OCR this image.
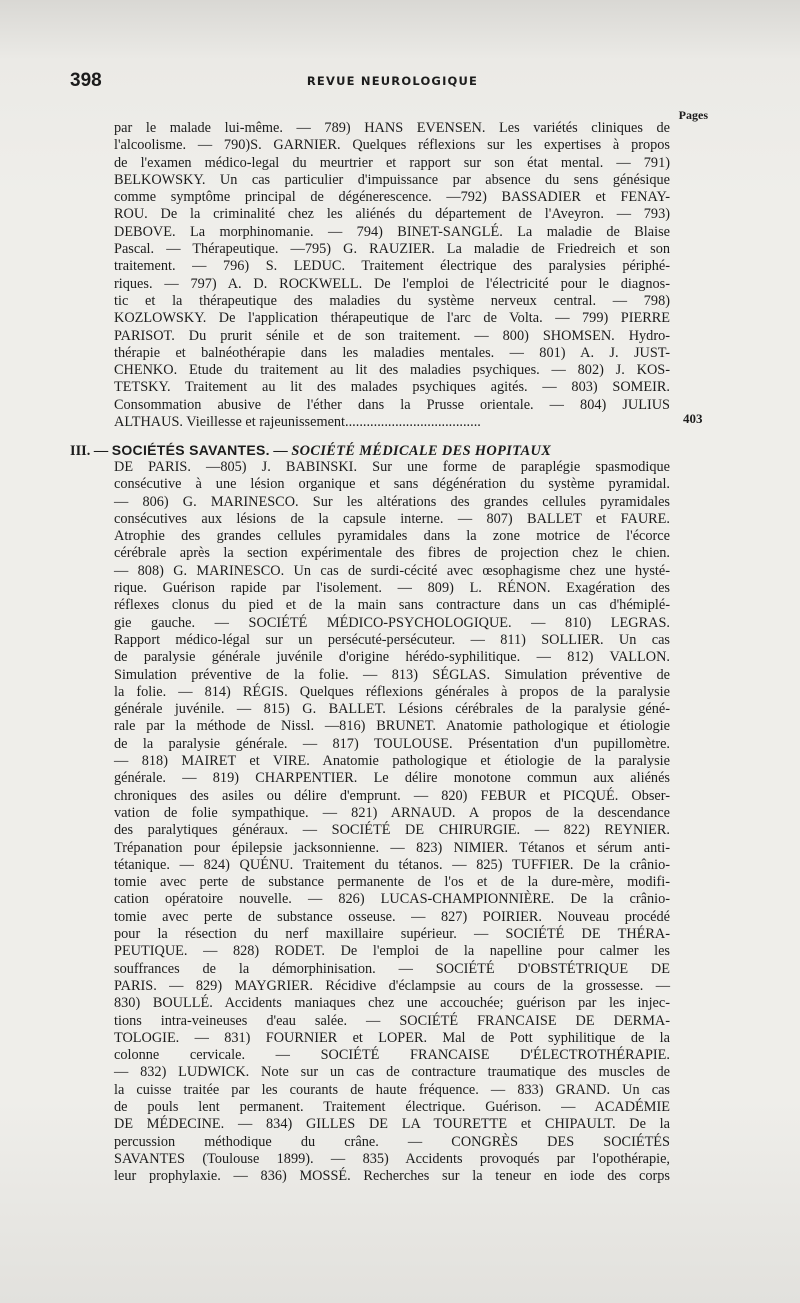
398	REVUE NEUROLOGIQUE
Pages
par le malade lui-même. — 789) HANS EVENSEN. Les variétés cliniques de
l'alcoolisme. — 790)S. GARNIER. Quelques réflexions sur les expertises à propos
de l'examen médico-legal du meurtrier et rapport sur son état mental. — 791)
BELKOWSKY. Un cas particulier d'impuissance par absence du sens génésique
comme symptôme principal de dégénerescence. —792) BASSADIER et FENAY-
ROU. De la criminalité chez les aliénés du département de l'Aveyron. — 793)
DEBOVE. La morphinomanie. — 794) BINET-SANGLÉ. La maladie de Blaise
Pascal. — Thérapeutique. —795) G. RAUZIER. La maladie de Friedreich et son
traitement. — 796) S. LEDUC. Traitement électrique des paralysies périphé-
riques. — 797) A. D. ROCKWELL. De l'emploi de l'électricité pour le diagnos-
tic et la thérapeutique des maladies du système nerveux central. — 798)
KOZLOWSKY. De l'application thérapeutique de l'arc de Volta. — 799) PIERRE
PARISOT. Du prurit sénile et de son traitement. — 800) SHOMSEN. Hydro-
thérapie et balnéothérapie dans les maladies mentales. — 801) A. J. JUST-
CHENKO. Etude du traitement au lit des maladies psychiques. — 802) J. KOS-
TETSKY. Traitement au lit des malades psychiques agités. — 803) SOMEIR.
Consommation abusive de l'éther dans la Prusse orientale. — 804) JULIUS
ALTHAUS. Vieillesse et rajeunissement......................................	403
III. — SOCIÉTÉS SAVANTES. — SOCIÉTÉ MÉDICALE DES HOPITAUX
DE PARIS. —805) J. BABINSKI. Sur une forme de paraplégie spasmodique
consécutive à une lésion organique et sans dégénération du système pyramidal.
— 806) G. MARINESCO. Sur les altérations des grandes cellules pyramidales
consécutives aux lésions de la capsule interne. — 807) BALLET et FAURE.
Atrophie des grandes cellules pyramidales dans la zone motrice de l'écorce
cérébrale après la section expérimentale des fibres de projection chez le chien.
— 808) G. MARINESCO. Un cas de surdi-cécité avec œsophagisme chez une hysté-
rique. Guérison rapide par l'isolement. — 809) L. RÉNON. Exagération des
réflexes clonus du pied et de la main sans contracture dans un cas d'hémiplé-
gie gauche. — SOCIÉTÉ MÉDICO-PSYCHOLOGIQUE. — 810) LEGRAS.
Rapport médico-légal sur un persécuté-persécuteur. — 811) SOLLIER. Un cas
de paralysie générale juvénile d'origine hérédo-syphilitique. — 812) VALLON.
Simulation préventive de la folie. — 813) SÉGLAS. Simulation préventive de
la folie. — 814) RÉGIS. Quelques réflexions générales à propos de la paralysie
générale juvénile. — 815) G. BALLET. Lésions cérébrales de la paralysie géné-
rale par la méthode de Nissl. —816) BRUNET. Anatomie pathologique et étiologie
de la paralysie générale. — 817) TOULOUSE. Présentation d'un pupillomètre.
— 818) MAIRET et VIRE. Anatomie pathologique et étiologie de la paralysie
générale. — 819) CHARPENTIER. Le délire monotone commun aux aliénés
chroniques des asiles ou délire d'emprunt. — 820) FEBUR et PICQUÉ. Obser-
vation de folie sympathique. — 821) ARNAUD. A propos de la descendance
des paralytiques généraux. — SOCIÉTÉ DE CHIRURGIE. — 822) REYNIER.
Trépanation pour épilepsie jacksonnienne. — 823) NIMIER. Tétanos et sérum anti-
tétanique. — 824) QUÉNU. Traitement du tétanos. — 825) TUFFIER. De la crânio-
tomie avec perte de substance permanente de l'os et de la dure-mère, modifi-
cation opératoire nouvelle. — 826) LUCAS-CHAMPIONNIÈRE. De la crânio-
tomie avec perte de substance osseuse. — 827) POIRIER. Nouveau procédé
pour la résection du nerf maxillaire supérieur. — SOCIÉTÉ DE THÉRA-
PEUTIQUE. — 828) RODET. De l'emploi de la napelline pour calmer les
souffrances de la démorphinisation. — SOCIÉTÉ D'OBSTÉTRIQUE DE
PARIS. — 829) MAYGRIER. Récidive d'éclampsie au cours de la grossesse. —
830) BOULLÉ. Accidents maniaques chez une accouchée; guérison par les injec-
tions intra-veineuses d'eau salée. — SOCIÉTÉ FRANCAISE DE DERMA-
TOLOGIE. — 831) FOURNIER et LOPER. Mal de Pott syphilitique de la
colonne cervicale. — SOCIÉTÉ FRANCAISE D'ÉLECTROTHÉRAPIE.
— 832) LUDWICK. Note sur un cas de contracture traumatique des muscles de
la cuisse traitée par les courants de haute fréquence. — 833) GRAND. Un cas
de pouls lent permanent. Traitement électrique. Guérison. — ACADÉMIE
DE MÉDECINE. — 834) GILLES DE LA TOURETTE et CHIPAULT. De la
percussion méthodique du crâne. — CONGRÈS DES SOCIÉTÉS
SAVANTES (Toulouse 1899). — 835) Accidents provoqués par l'opothérapie,
leur prophylaxie. — 836) MOSSÉ. Recherches sur la teneur en iode des corps
